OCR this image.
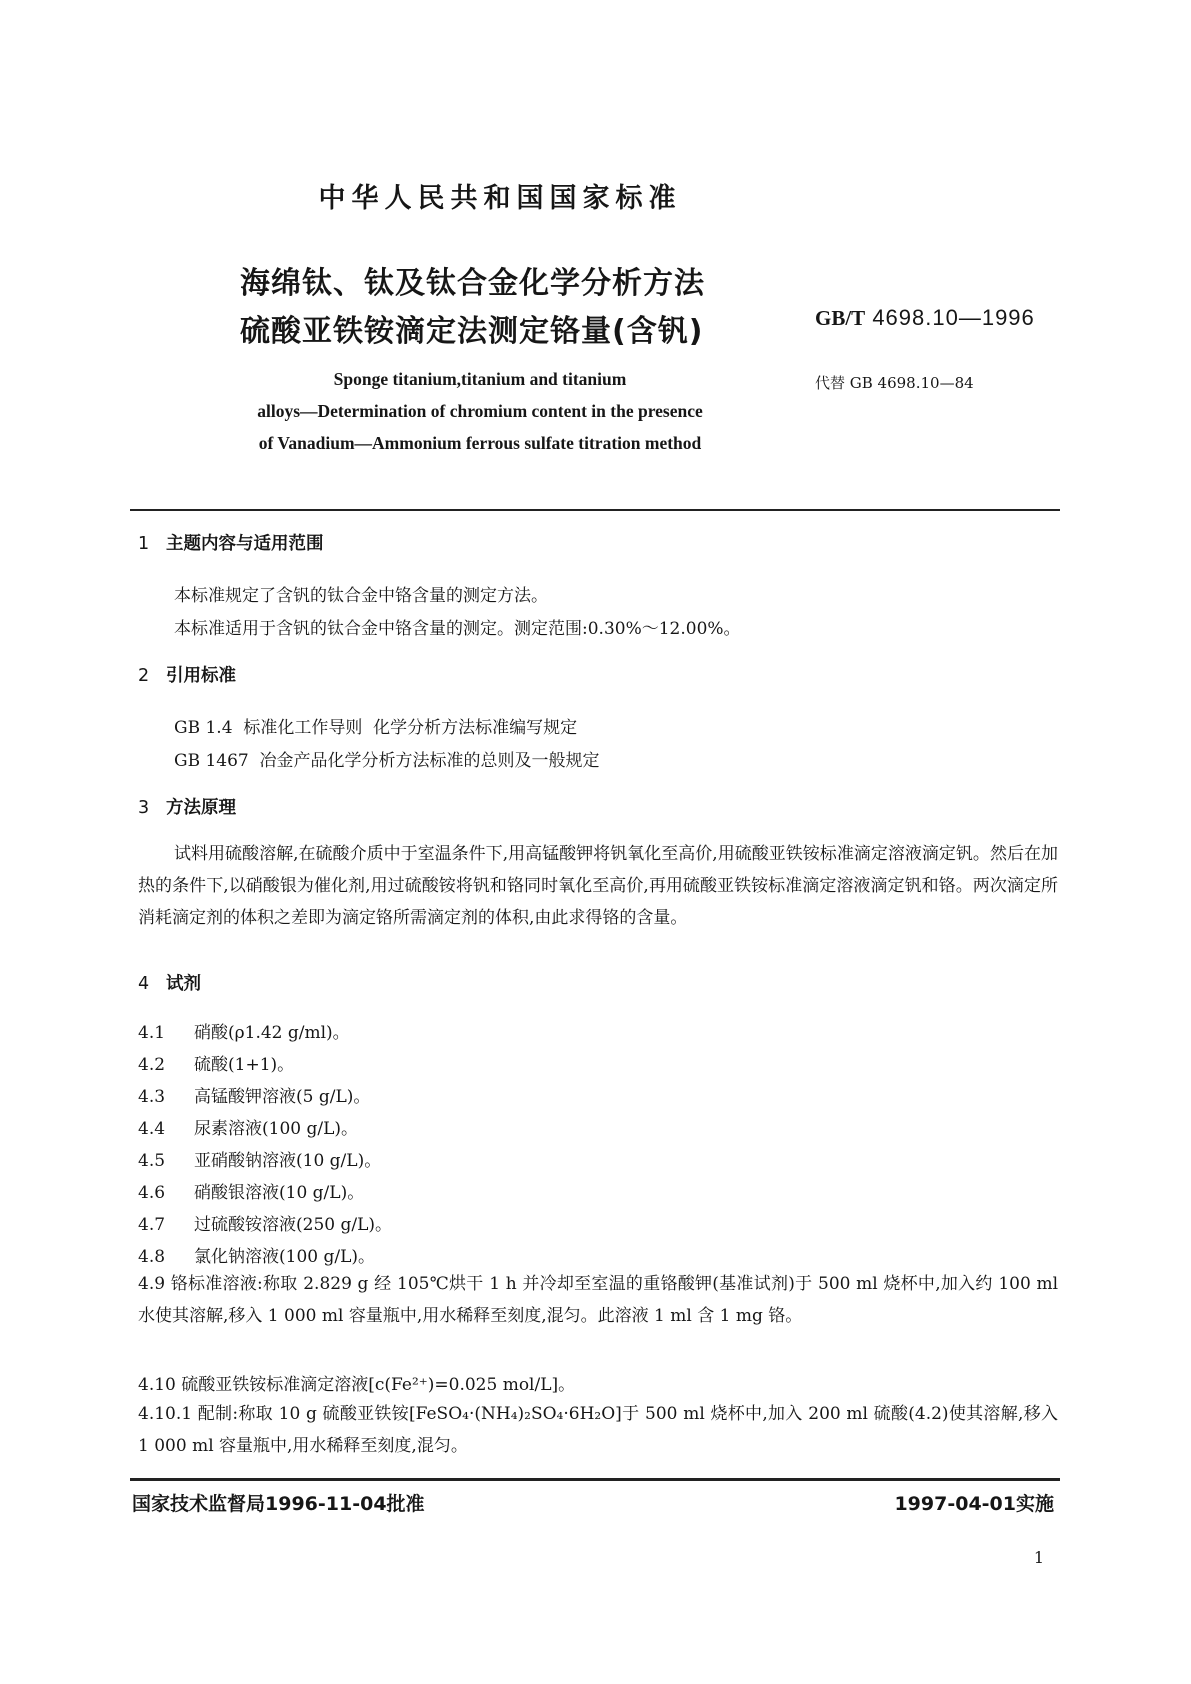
中华人民共和国国家标准
海绵钛、钛及钛合金化学分析方法
硫酸亚铁铵滴定法测定铬量(含钒)	GB/T 4698.10—1996
代替 GB 4698.10—84
Sponge titanium,titanium and titanium
alloys—Determination of chromium content in the presence
of Vanadium—Ammonium ferrous sulfate titration method
1 主题内容与适用范围
本标准规定了含钒的钛合金中铬含量的测定方法。
本标准适用于含钒的钛合金中铬含量的测定。测定范围:0.30%～12.00%。
2 引用标准
GB 1.4  标准化工作导则  化学分析方法标准编写规定
GB 1467  冶金产品化学分析方法标准的总则及一般规定
3 方法原理
试料用硫酸溶解,在硫酸介质中于室温条件下,用高锰酸钾将钒氧化至高价,用硫酸亚铁铵标准滴定溶液滴定钒。然后在加热的条件下,以硝酸银为催化剂,用过硫酸铵将钒和铬同时氧化至高价,再用硫酸亚铁铵标准滴定溶液滴定钒和铬。两次滴定所消耗滴定剂的体积之差即为滴定铬所需滴定剂的体积,由此求得铬的含量。
4 试剂
4.1 硝酸(ρ1.42 g/ml)。
4.2 硫酸(1+1)。
4.3 高锰酸钾溶液(5 g/L)。
4.4 尿素溶液(100 g/L)。
4.5 亚硝酸钠溶液(10 g/L)。
4.6 硝酸银溶液(10 g/L)。
4.7 过硫酸铵溶液(250 g/L)。
4.8 氯化钠溶液(100 g/L)。
4.9 铬标准溶液:称取 2.829 g 经 105℃烘干 1 h 并冷却至室温的重铬酸钾(基准试剂)于 500 ml 烧杯中,加入约 100 ml 水使其溶解,移入 1 000 ml 容量瓶中,用水稀释至刻度,混匀。此溶液 1 ml 含 1 mg 铬。
4.10 硫酸亚铁铵标准滴定溶液[c(Fe²⁺)=0.025 mol/L]。
4.10.1 配制:称取 10 g 硫酸亚铁铵[FeSO₄·(NH₄)₂SO₄·6H₂O]于 500 ml 烧杯中,加入 200 ml 硫酸(4.2)使其溶解,移入 1 000 ml 容量瓶中,用水稀释至刻度,混匀。
国家技术监督局1996-11-04批准	1997-04-01实施
1
